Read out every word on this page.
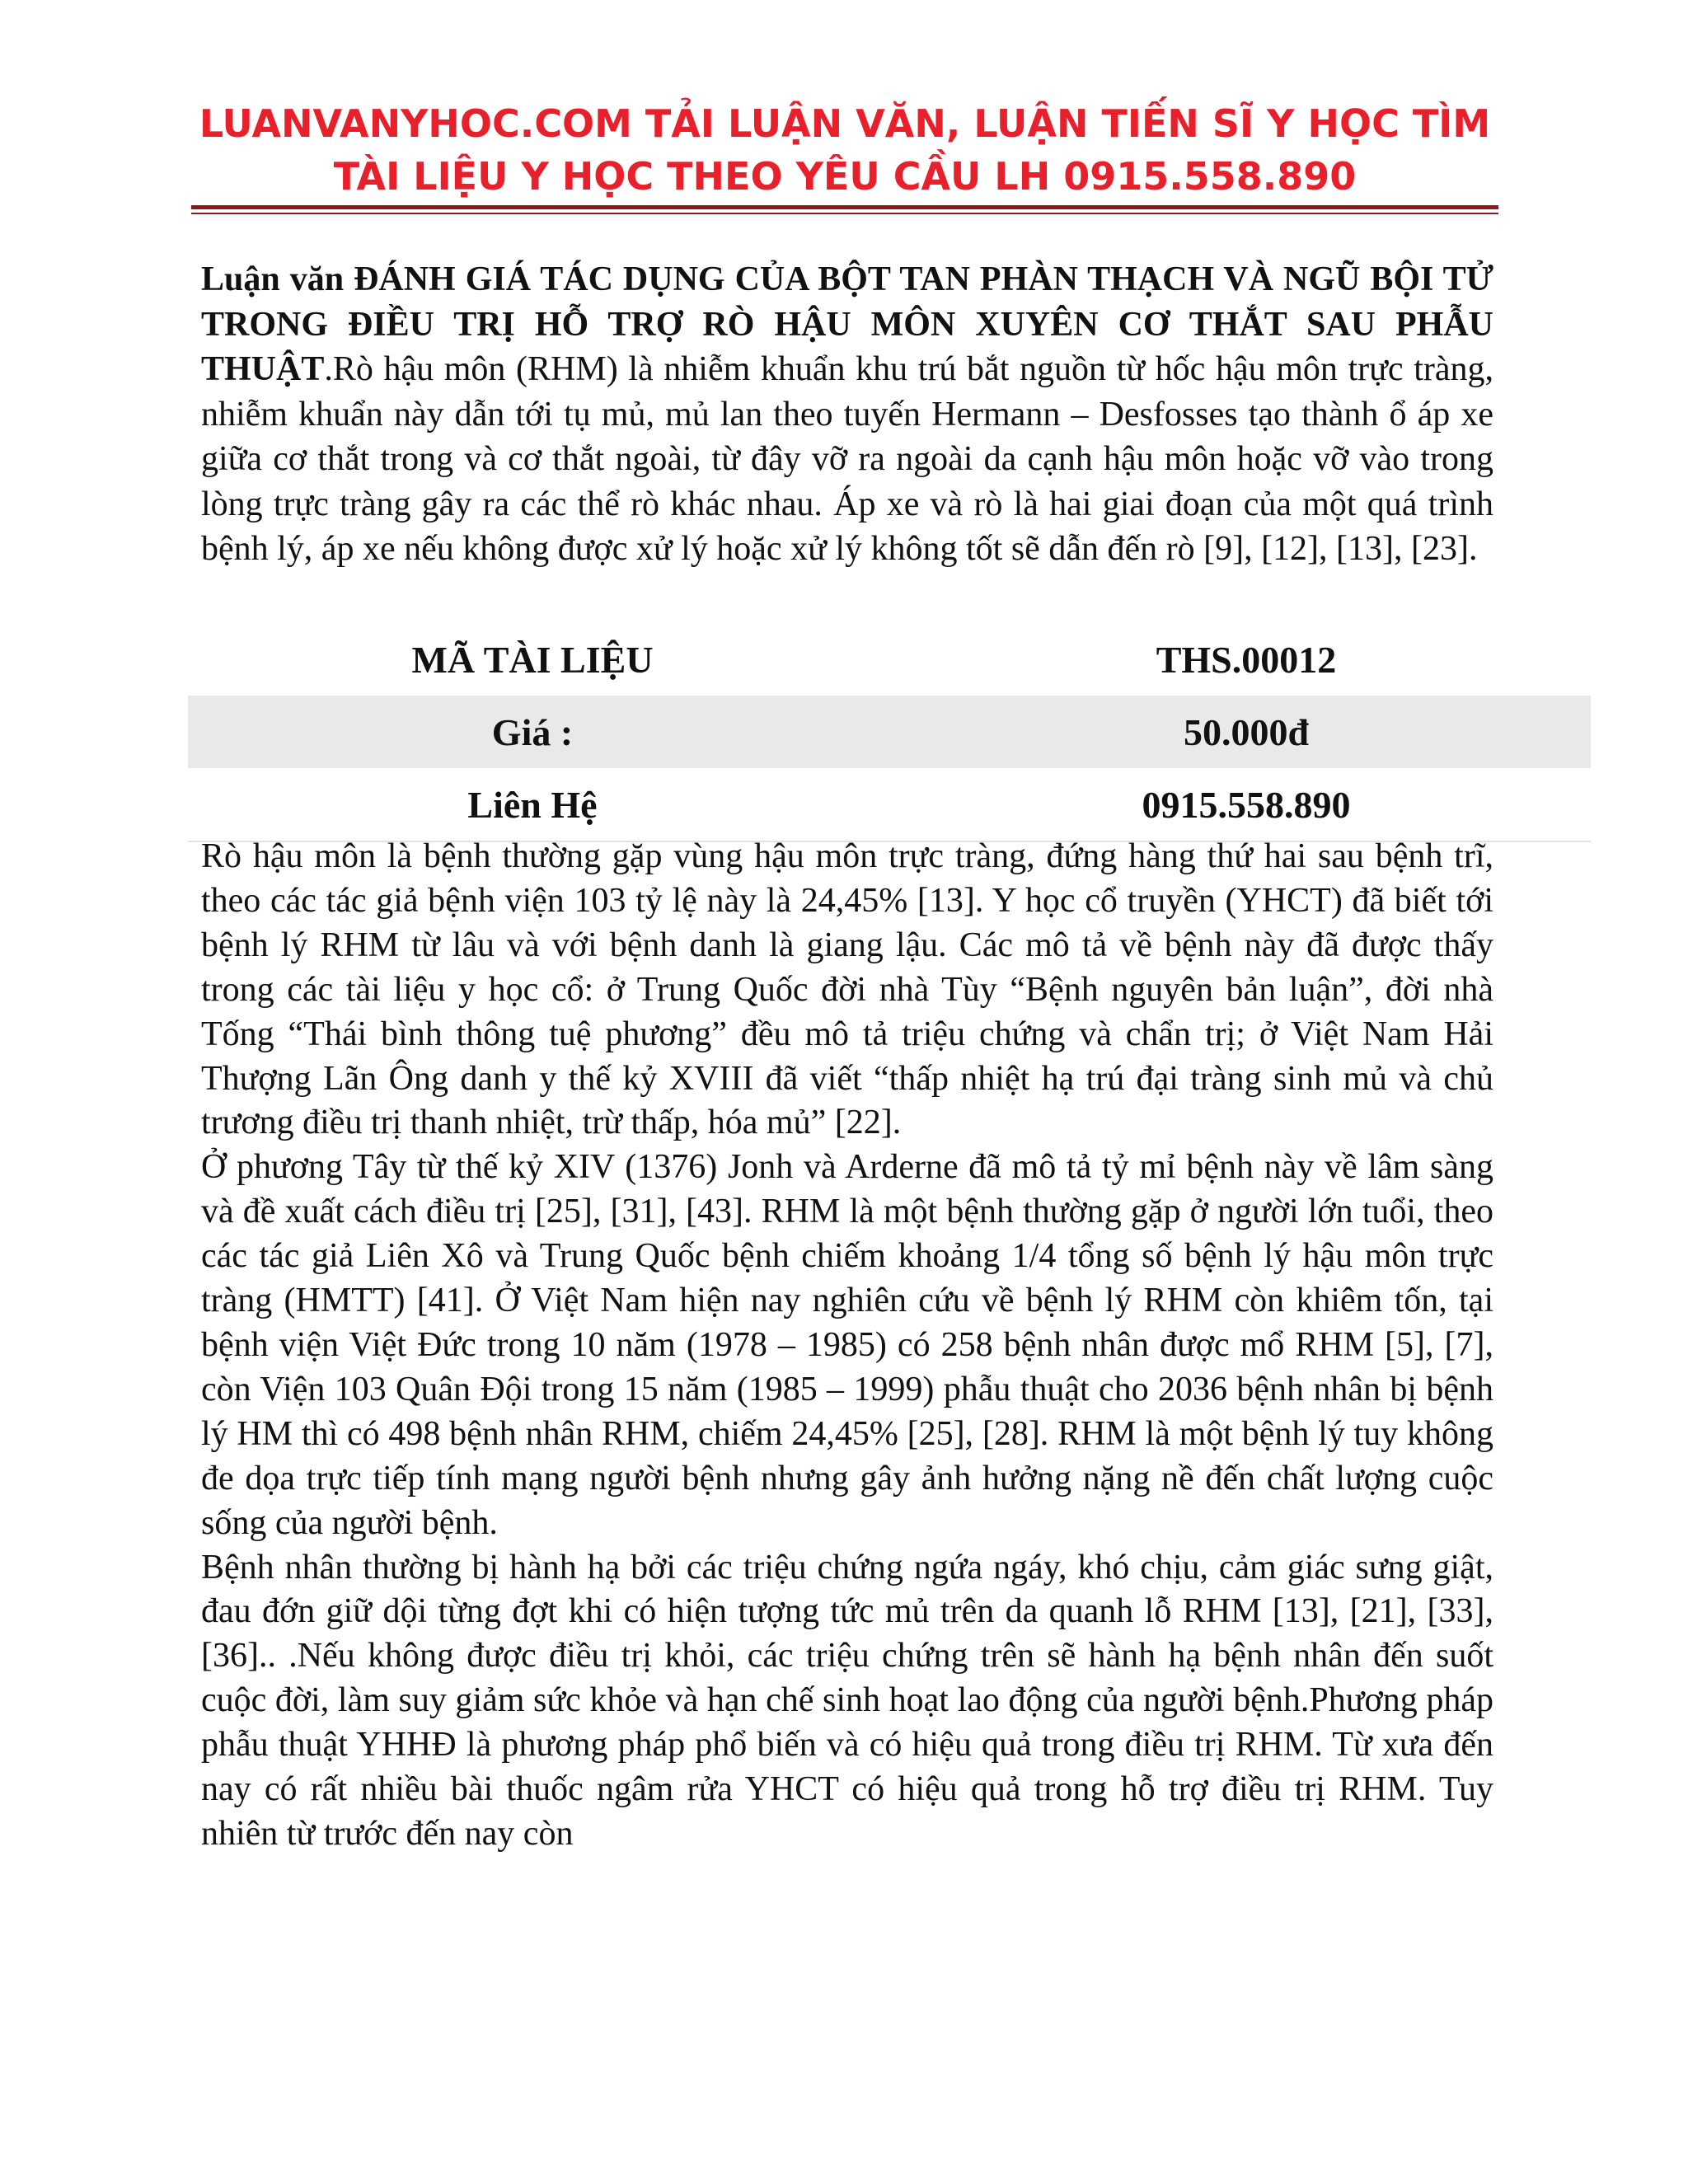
LUANVANYHOC.COM TẢI LUẬN VĂN, LUẬN TIẾN SĨ Y HỌC TÌM
TÀI LIỆU Y HỌC THEO YÊU CẦU LH 0915.558.890
Luận văn ĐÁNH GIÁ TÁC DỤNG CỦA BỘT TAN PHÀN THẠCH VÀ NGŨ BỘI TỬ TRONG ĐIỀU TRỊ HỖ TRỢ RÒ HẬU MÔN XUYÊN CƠ THẮT SAU PHẪU THUẬT.Rò hậu môn (RHM) là nhiễm khuẩn khu trú bắt nguồn từ hốc hậu môn trực tràng, nhiễm khuẩn này dẫn tới tụ mủ, mủ lan theo tuyến Hermann – Desfosses tạo thành ổ áp xe giữa cơ thắt trong và cơ thắt ngoài, từ đây vỡ ra ngoài da cạnh hậu môn hoặc vỡ vào trong lòng trực tràng gây ra các thể rò khác nhau. Áp xe và rò là hai giai đoạn của một quá trình bệnh lý, áp xe nếu không được xử lý hoặc xử lý không tốt sẽ dẫn đến rò [9], [12], [13], [23].
MÃ TÀI LIỆU	THS.00012
Giá :	50.000đ
Liên Hệ	0915.558.890

Rò hậu môn là bệnh thường gặp vùng hậu môn trực tràng, đứng hàng thứ hai sau bệnh trĩ, theo các tác giả bệnh viện 103 tỷ lệ này là 24,45% [13]. Y học cổ truyền (YHCT) đã biết tới bệnh lý RHM từ lâu và với bệnh danh là giang lậu. Các mô tả về bệnh này đã được thấy trong các tài liệu y học cổ: ở Trung Quốc đời nhà Tùy “Bệnh nguyên bản luận”, đời nhà Tống “Thái bình thông tuệ phương” đều mô tả triệu chứng và chẩn trị; ở Việt Nam Hải Thượng Lãn Ông danh y thế kỷ XVIII đã viết “thấp nhiệt hạ trú đại tràng sinh mủ và chủ trương điều trị thanh nhiệt, trừ thấp, hóa mủ” [22].

Ở phương Tây từ thế kỷ XIV (1376) Jonh và Arderne đã mô tả tỷ mỉ bệnh này về lâm sàng và đề xuất cách điều trị [25], [31], [43]. RHM là một bệnh thường gặp ở người lớn tuổi, theo các tác giả Liên Xô và Trung Quốc bệnh chiếm khoảng 1/4 tổng số bệnh lý hậu môn trực tràng (HMTT) [41]. Ở Việt Nam hiện nay nghiên cứu về bệnh lý RHM còn khiêm tốn, tại bệnh viện Việt Đức trong 10 năm (1978 – 1985) có 258 bệnh nhân được mổ RHM [5], [7], còn Viện 103 Quân Đội trong 15 năm (1985 – 1999) phẫu thuật cho 2036 bệnh nhân bị bệnh lý HM thì có 498 bệnh nhân RHM, chiếm 24,45% [25], [28]. RHM là một bệnh lý tuy không đe dọa trực tiếp tính mạng người bệnh nhưng gây ảnh hưởng nặng nề đến chất lượng cuộc sống của người bệnh.

Bệnh nhân thường bị hành hạ bởi các triệu chứng ngứa ngáy, khó chịu, cảm giác sưng giật, đau đớn giữ dội từng đợt khi có hiện tượng tức mủ trên da quanh lỗ RHM [13], [21], [33], [36].. .Nếu không được điều trị khỏi, các triệu chứng trên sẽ hành hạ bệnh nhân đến suốt cuộc đời, làm suy giảm sức khỏe và hạn chế sinh hoạt lao động của người bệnh.Phương pháp phẫu thuật YHHĐ là phương pháp phổ biến và có hiệu quả trong điều trị RHM. Từ xưa đến nay có rất nhiều bài thuốc ngâm rửa YHCT có hiệu quả trong hỗ trợ điều trị RHM. Tuy nhiên từ trước đến nay còn
